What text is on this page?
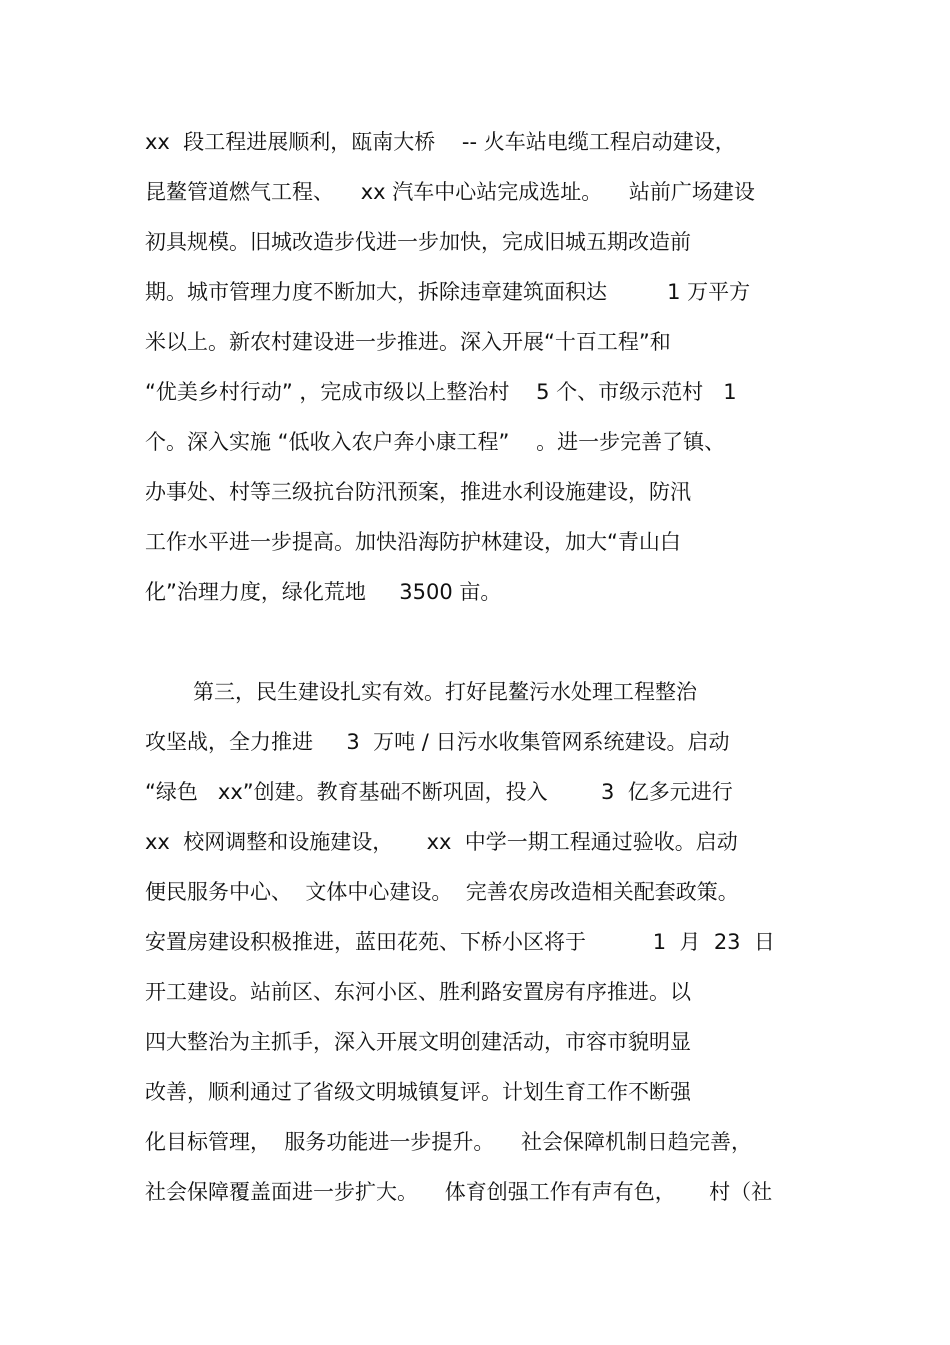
xx  段工程进展顺利，瓯南大桥    -- 火车站电缆工程启动建设，
昆鳌管道燃气工程、    xx 汽车中心站完成选址。    站前广场建设
初具规模。旧城改造步伐进一步加快，完成旧城五期改造前
期。城市管理力度不断加大，拆除违章建筑面积达         1 万平方
米以上。新农村建设进一步推进。深入开展“十百工程”和
“优美乡村行动” ，完成市级以上整治村    5 个、市级示范村   1
个。深入实施 “低收入农户奔小康工程”    。进一步完善了镇、
办事处、村等三级抗台防汛预案，推进水利设施建设，防汛
工作水平进一步提高。加快沿海防护林建设，加大“青山白
化”治理力度，绿化荒地     3500 亩。
第三，民生建设扎实有效。打好昆鳌污水处理工程整治
攻坚战，全力推进     3  万吨 / 日污水收集管网系统建设。启动
“绿色   xx”创建。教育基础不断巩固，投入        3  亿多元进行
xx  校网调整和设施建设，     xx  中学一期工程通过验收。启动
便民服务中心、  文体中心建设。  完善农房改造相关配套政策。
安置房建设积极推进，蓝田花苑、下桥小区将于          1  月  23  日
开工建设。站前区、东河小区、胜利路安置房有序推进。以
四大整治为主抓手，深入开展文明创建活动，市容市貌明显
改善，顺利通过了省级文明城镇复评。计划生育工作不断强
化目标管理，  服务功能进一步提升。    社会保障机制日趋完善，
社会保障覆盖面进一步扩大。    体育创强工作有声有色，     村（社
